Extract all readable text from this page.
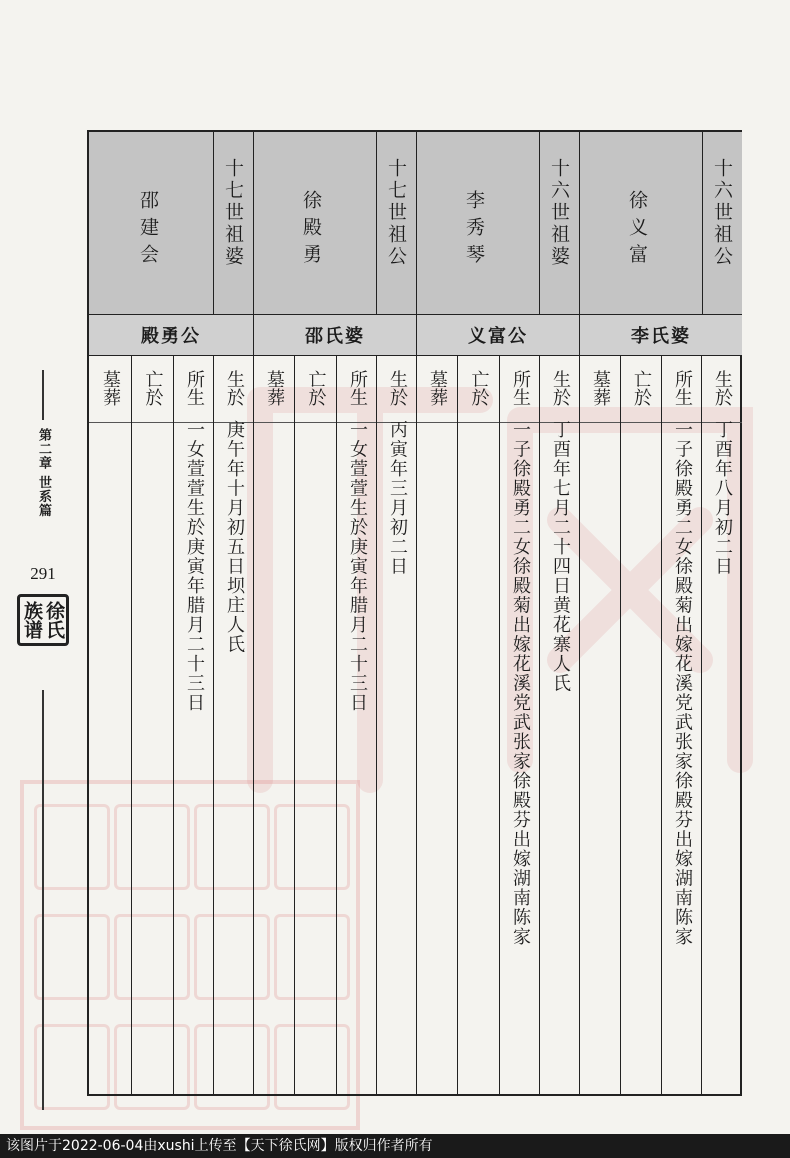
第二章 世系篇
291
徐氏族谱
十六世祖公
徐义富
李氏婆
生於
丁酉年八月初二日
所生
一子徐殿勇二女徐殿菊出嫁花溪党武张家徐殿芬出嫁湖南陈家
亡於
墓葬
十六世祖婆
李秀琴
义富公
生於
丁酉年七月二十四日黄花寨人氏
所生
一子徐殿勇二女徐殿菊出嫁花溪党武张家徐殿芬出嫁湖南陈家
亡於
墓葬
十七世祖公
徐殿勇
邵氏婆
生於
丙寅年三月初二日
所生
一女萱萱生於庚寅年腊月二十三日
亡於
墓葬
十七世祖婆
邵建会
殿勇公
生於
庚午年十月初五日坝庄人氏
所生
一女萱萱生於庚寅年腊月二十三日
亡於
墓葬
该图片于2022-06-04由xushi上传至【天下徐氏网】版权归作者所有
